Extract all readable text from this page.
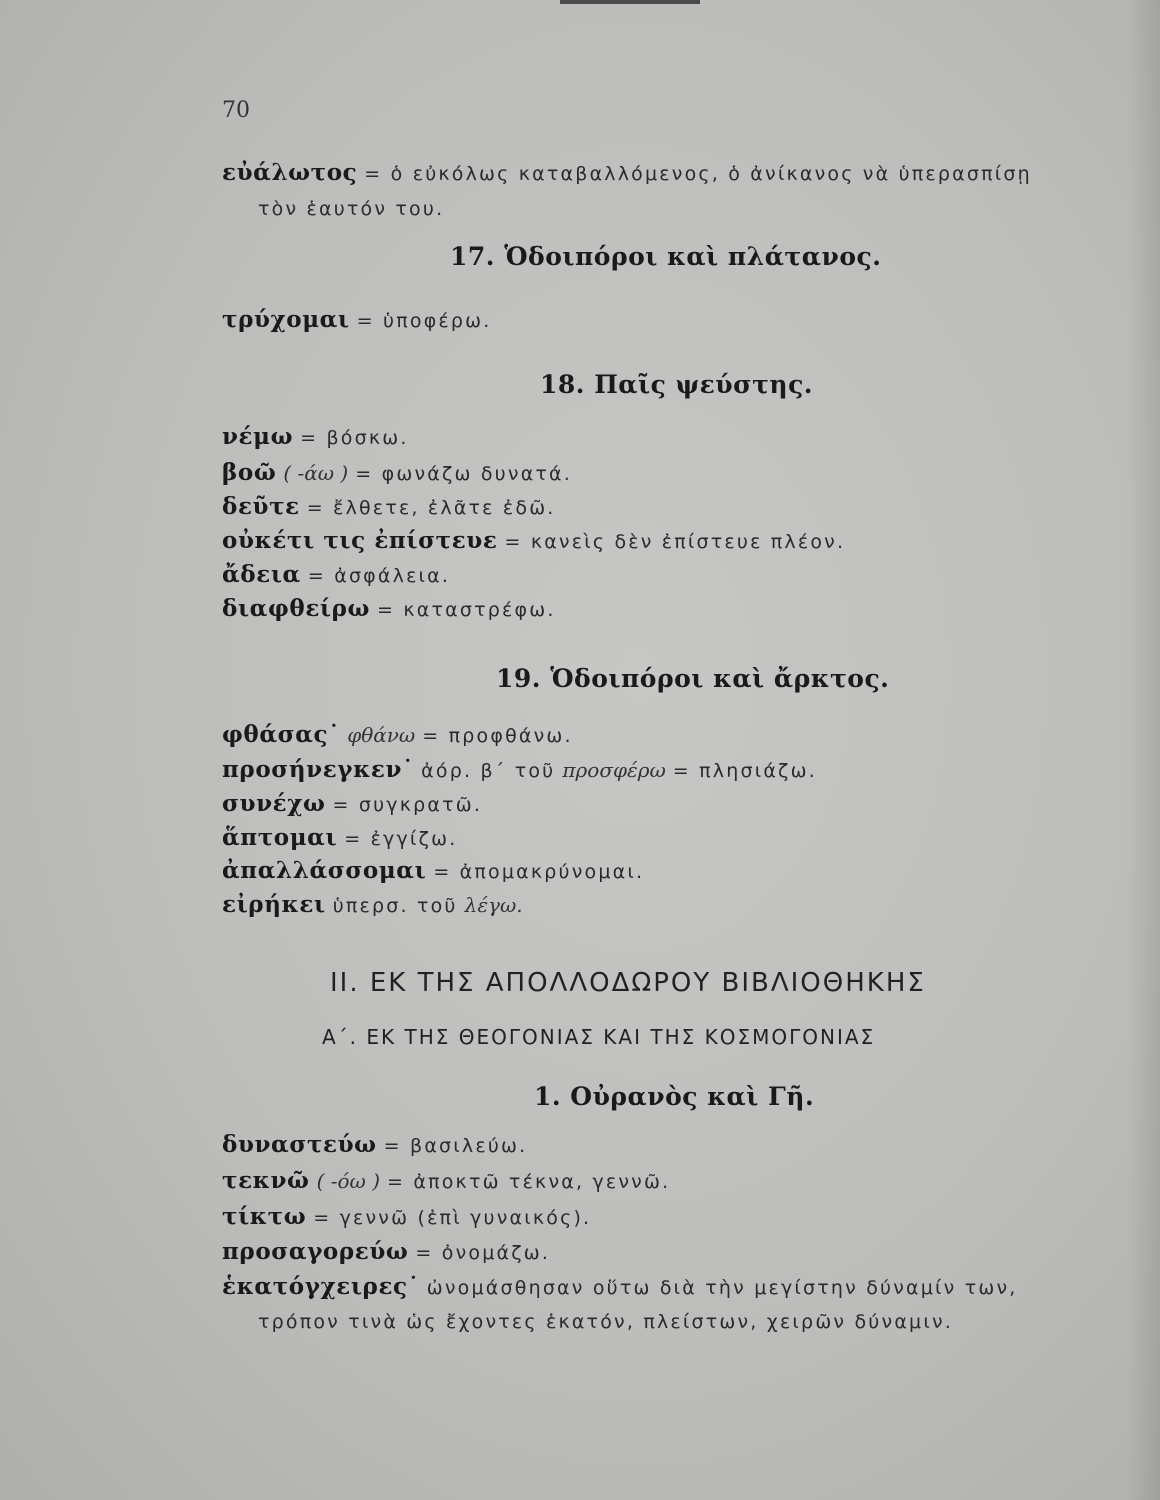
70
εὐάλωτος = ὁ εὐκόλως καταβαλλόμενος, ὁ ἀνίκανος νὰ ὑπερασπίσῃ
τὸν ἑαυτόν του.
17. Ὁδοιπόροι καὶ πλάτανος.
τρύχομαι = ὑποφέρω.
18. Παῖς ψεύστης.
νέμω = βόσκω.
βοῶ ( -άω ) = φωνάζω δυνατά.
δεῦτε = ἔλθετε, ἐλᾶτε ἐδῶ.
οὐκέτι τις ἐπίστευε = κανεὶς δὲν ἐπίστευε πλέον.
ἄδεια = ἀσφάλεια.
διαφθείρω = καταστρέφω.
19. Ὁδοιπόροι καὶ ἄρκτος.
φθάσας˙ φθάνω = προφθάνω.
προσήνεγκεν˙ ἀόρ. β΄ τοῦ προσφέρω = πλησιάζω.
συνέχω = συγκρατῶ.
ἅπτομαι = ἐγγίζω.
ἀπαλλάσσομαι = ἀπομακρύνομαι.
εἰρήκει ὑπερσ. τοῦ λέγω.
II. ΕΚ ΤΗΣ ΑΠΟΛΛΟΔΩΡΟΥ ΒΙΒΛΙΟΘΗΚΗΣ
Α΄. ΕΚ ΤΗΣ ΘΕΟΓΟΝΙΑΣ ΚΑΙ ΤΗΣ ΚΟΣΜΟΓΟΝΙΑΣ
1. Οὐρανὸς καὶ Γῆ.
δυναστεύω = βασιλεύω.
τεκνῶ ( -όω ) = ἀποκτῶ τέκνα, γεννῶ.
τίκτω = γεννῶ (ἐπὶ γυναικός).
προσαγορεύω = ὀνομάζω.
ἑκατόγχειρες˙ ὠνομάσθησαν οὕτω διὰ τὴν μεγίστην δύναμίν των,
τρόπον τινὰ ὡς ἔχοντες ἑκατόν, πλείστων, χειρῶν δύναμιν.
